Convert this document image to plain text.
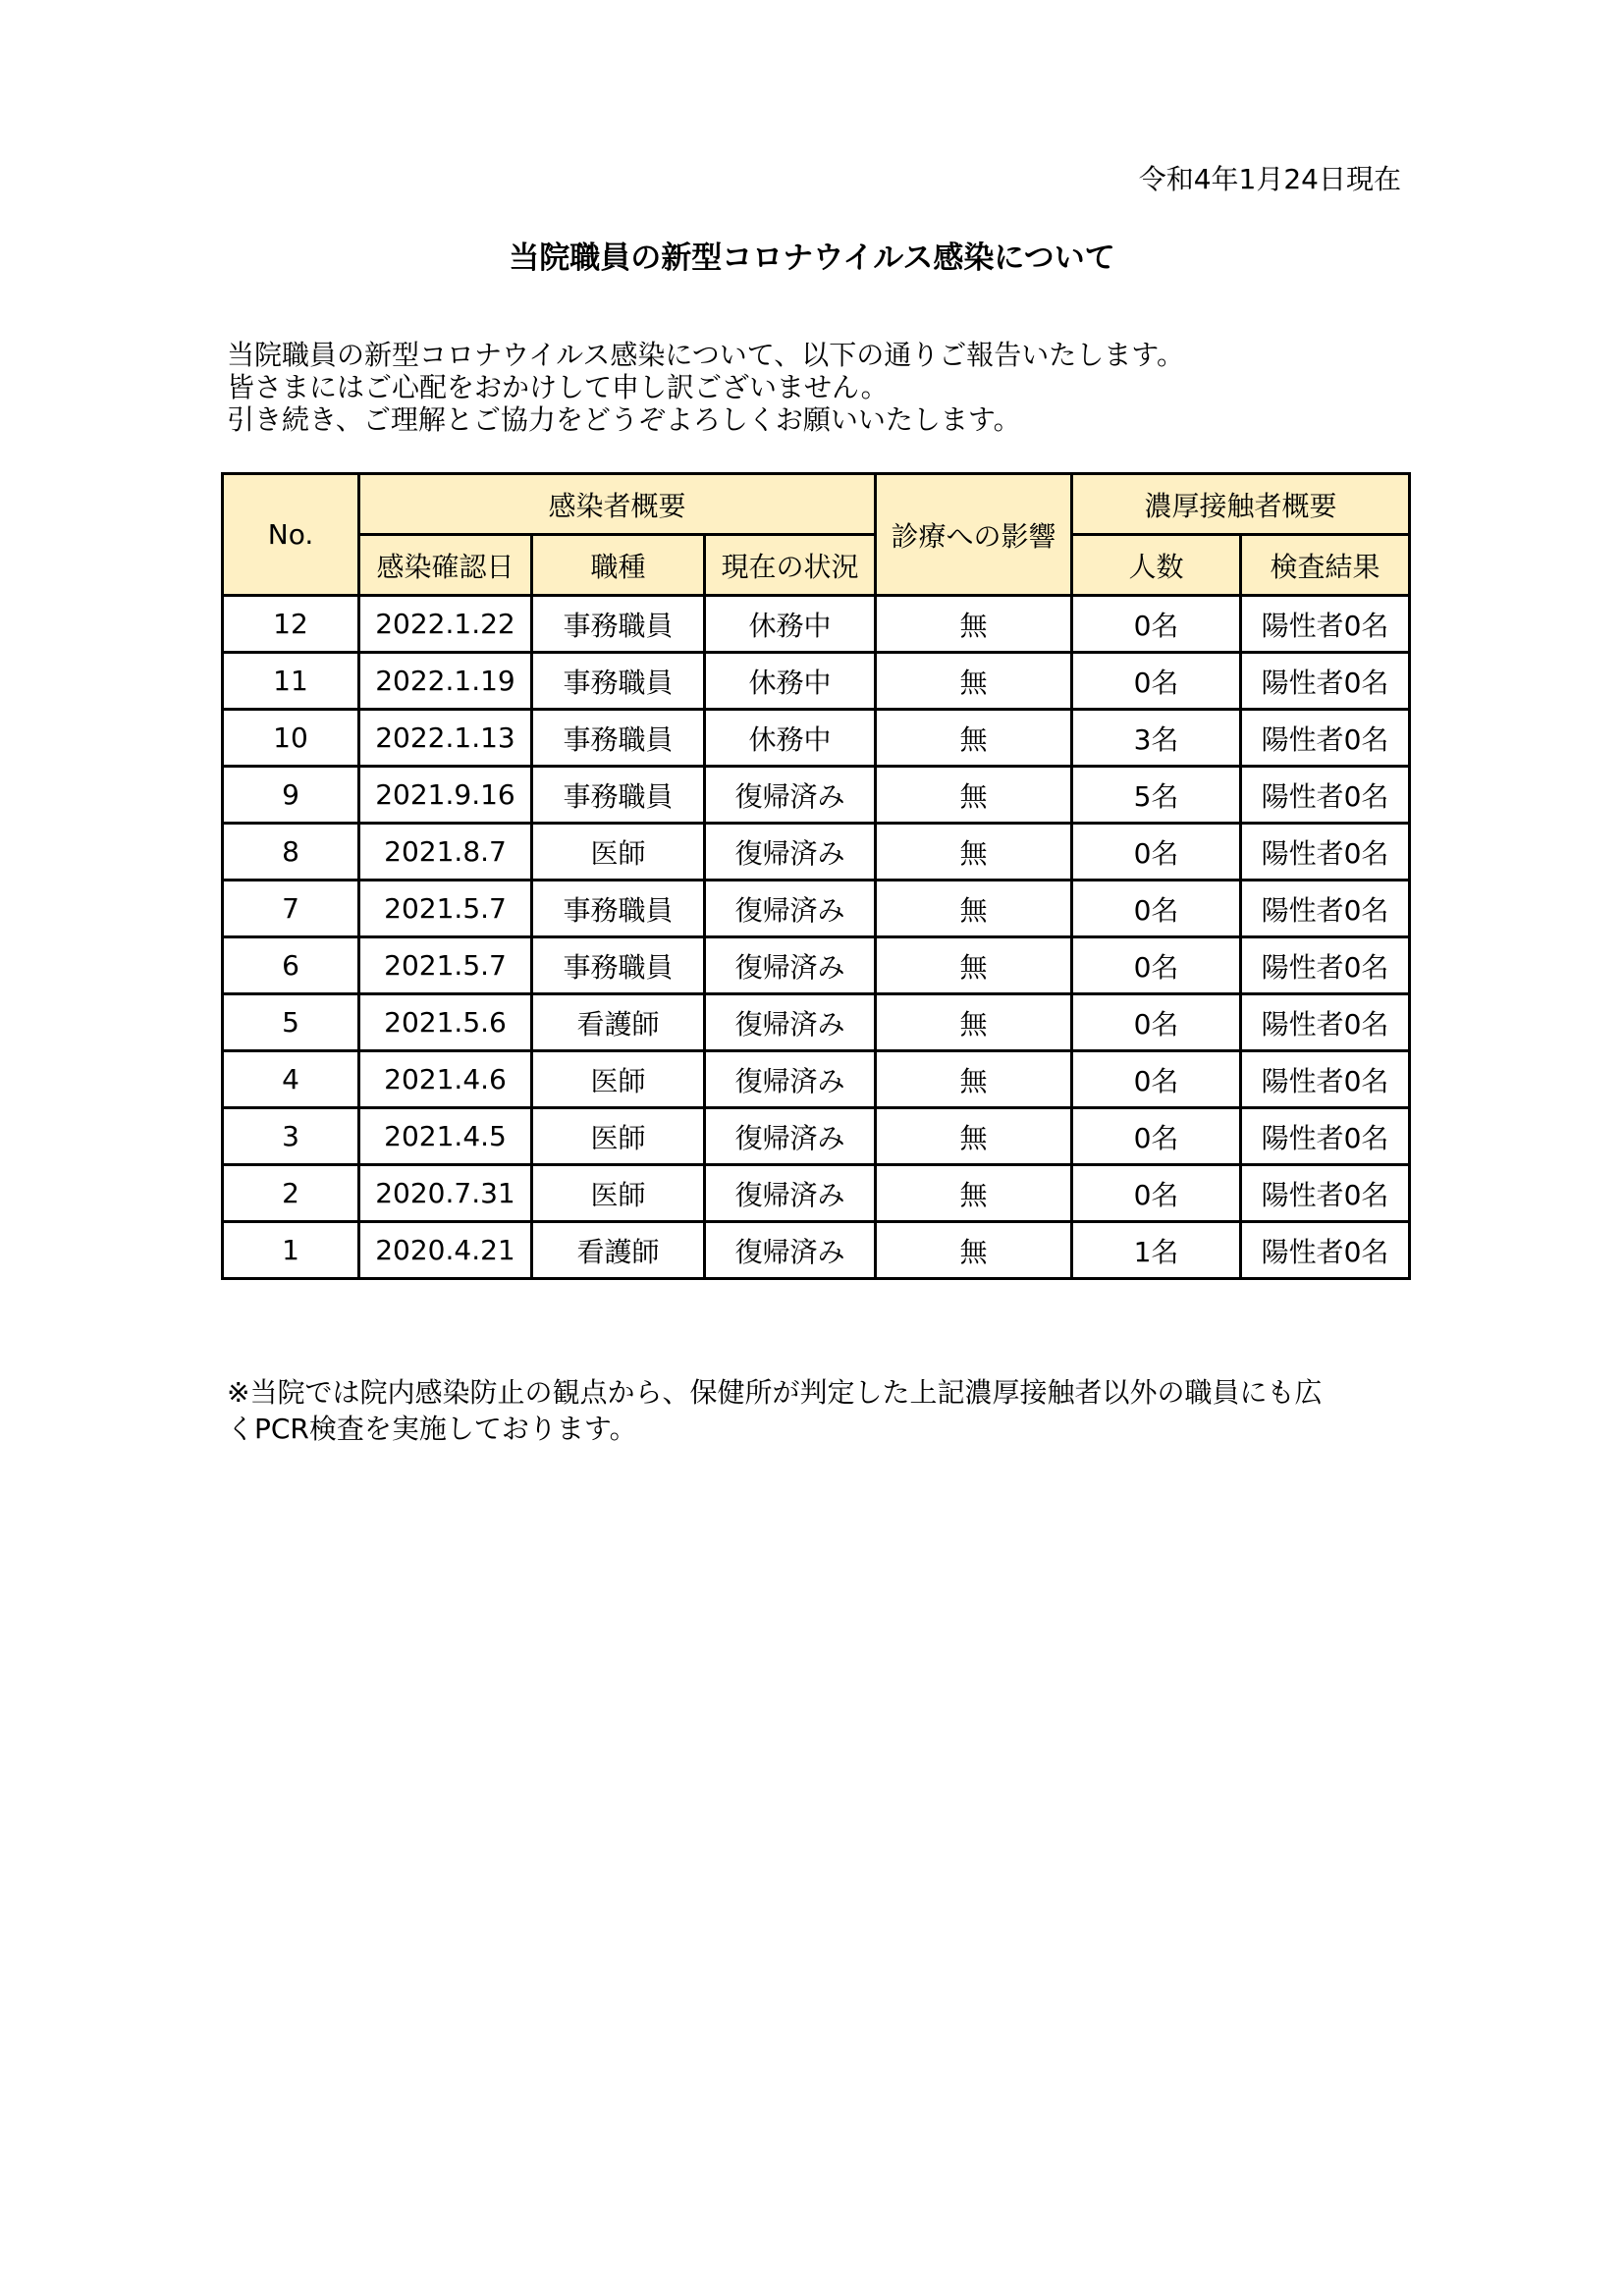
令和4年1月24日現在
当院職員の新型コロナウイルス感染について
当院職員の新型コロナウイルス感染について、以下の通りご報告いたします。
皆さまにはご心配をおかけして申し訳ございません。
引き続き、ご理解とご協力をどうぞよろしくお願いいたします。
No.	感染者概要			診療への影響	濃厚接触者概要	
	感染確認日	職種	現在の状況		人数	検査結果
12	2022.1.22	事務職員	休務中	無	0名	陽性者0名
11	2022.1.19	事務職員	休務中	無	0名	陽性者0名
10	2022.1.13	事務職員	休務中	無	3名	陽性者0名
9	2021.9.16	事務職員	復帰済み	無	5名	陽性者0名
8	2021.8.7	医師	復帰済み	無	0名	陽性者0名
7	2021.5.7	事務職員	復帰済み	無	0名	陽性者0名
6	2021.5.7	事務職員	復帰済み	無	0名	陽性者0名
5	2021.5.6	看護師	復帰済み	無	0名	陽性者0名
4	2021.4.6	医師	復帰済み	無	0名	陽性者0名
3	2021.4.5	医師	復帰済み	無	0名	陽性者0名
2	2020.7.31	医師	復帰済み	無	0名	陽性者0名
1	2020.4.21	看護師	復帰済み	無	1名	陽性者0名
※当院では院内感染防止の観点から、保健所が判定した上記濃厚接触者以外の職員にも広
くPCR検査を実施しております。
